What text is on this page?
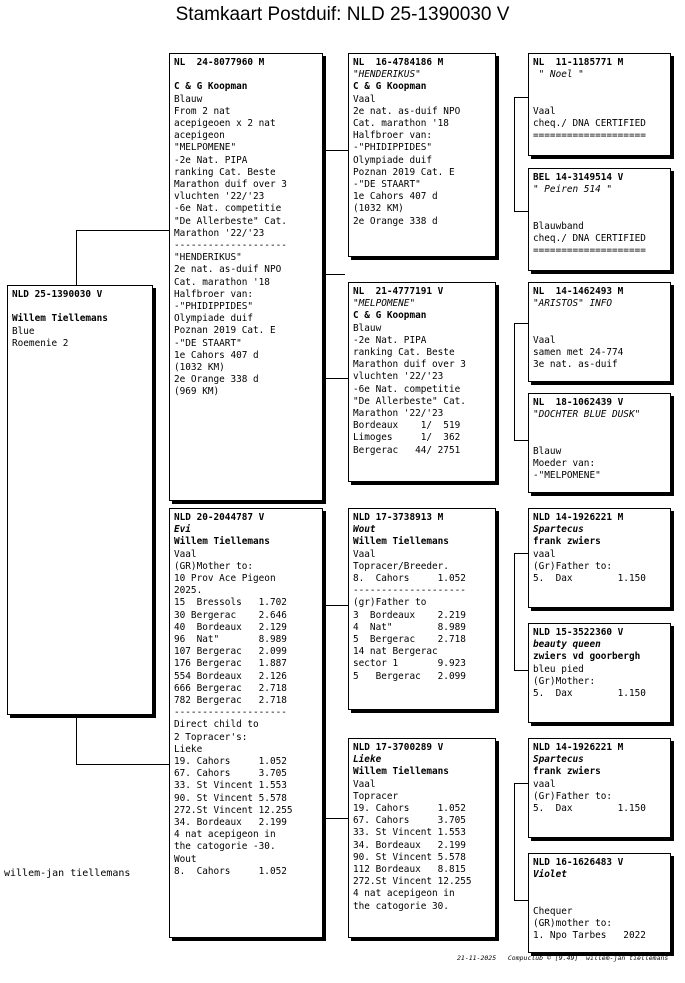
Stamkaart Postduif: NLD 25-1390030 V
NLD 25-1390030 V
Willem Tiellemans
Blue
Roemenie 2
NL  24-8077960 M
C & G Koopman
Blauw
From 2 nat
acepigeoen x 2 nat
acepigeon
"MELPOMENE"
-2e Nat. PIPA
ranking Cat. Beste
Marathon duif over 3
vluchten '22/'23
-6e Nat. competitie
"De Allerbeste" Cat.
Marathon '22/'23
--------------------
"HENDERIKUS"
2e nat. as-duif NPO
Cat. marathon '18
Halfbroer van:
-"PHIDIPPIDES"
Olympiade duif
Poznan 2019 Cat. E
-"DE STAART"
1e Cahors 407 d
(1032 KM)
2e Orange 338 d
(969 KM)
NLD 20-2044787 V
Evi
Willem Tiellemans
Vaal
(GR)Mother to:
10 Prov Ace Pigeon
2025.
15  Bressols   1.702
30 Bergerac    2.646
40  Bordeaux   2.129
96  Nat"       8.989
107 Bergerac   2.099
176 Bergerac   1.887
554 Bordeaux   2.126
666 Bergerac   2.718
782 Bergerac   2.718
--------------------
Direct child to
2 Topracer's:
Lieke
19. Cahors     1.052
67. Cahors     3.705
33. St Vincent 1.553
90. St Vincent 5.578
272.St Vincent 12.255
34. Bordeaux   2.199
4 nat acepigeon in
the catogorie -30.
Wout
8.  Cahors     1.052
NL  16-4784186 M
"HENDERIKUS"
C & G Koopman
Vaal
2e nat. as-duif NPO
Cat. marathon '18
Halfbroer van:
-"PHIDIPPIDES"
Olympiade duif
Poznan 2019 Cat. E
-"DE STAART"
1e Cahors 407 d
(1032 KM)
2e Orange 338 d
NL  21-4777191 V
"MELPOMENE"
C & G Koopman
Blauw
-2e Nat. PIPA
ranking Cat. Beste
Marathon duif over 3
vluchten '22/'23
-6e Nat. competitie
"De Allerbeste" Cat.
Marathon '22/'23
Bordeaux    1/  519
Limoges     1/  362
Bergerac   44/ 2751
NLD 17-3738913 M
Wout
Willem Tiellemans
Vaal
Topracer/Breeder.
8.  Cahors     1.052
--------------------
(gr)Father to
3  Bordeaux    2.219
4  Nat"        8.989
5  Bergerac    2.718
14 nat Bergerac
sector 1       9.923
5   Bergerac   2.099
NLD 17-3700289 V
Lieke
Willem Tiellemans
Vaal
Topracer
19. Cahors     1.052
67. Cahors     3.705
33. St Vincent 1.553
34. Bordeaux   2.199
90. St Vincent 5.578
112 Bordeaux   8.815
272.St Vincent 12.255
4 nat acepigeon in
the catogorie 30.
NL  11-1185771 M
" Noel "
Vaal
cheq./ DNA CERTIFIED
====================
BEL 14-3149514 V
" Peiren 514 "
Blauwband
cheq./ DNA CERTIFIED
====================
NL  14-1462493 M
"ARISTOS" INFO
Vaal
samen met 24-774
3e nat. as-duif
NL  18-1062439 V
"DOCHTER BLUE DUSK"
Blauw
Moeder van:
-"MELPOMENE"
NLD 14-1926221 M
Spartecus
frank zwiers
vaal
(Gr)Father to:
5.  Dax        1.150
NLD 15-3522360 V
beauty queen
zwiers vd goorbergh
bleu pied
(Gr)Mother:
5.  Dax        1.150
NLD 14-1926221 M
Spartecus
frank zwiers
vaal
(Gr)Father to:
5.  Dax        1.150
NLD 16-1626483 V
Violet
Chequer
(GR)mother to:
1. Npo Tarbes   2022
willem-jan tiellemans
21-11-2025   Compuclub © [9.49]  willem-jan tiellemans
